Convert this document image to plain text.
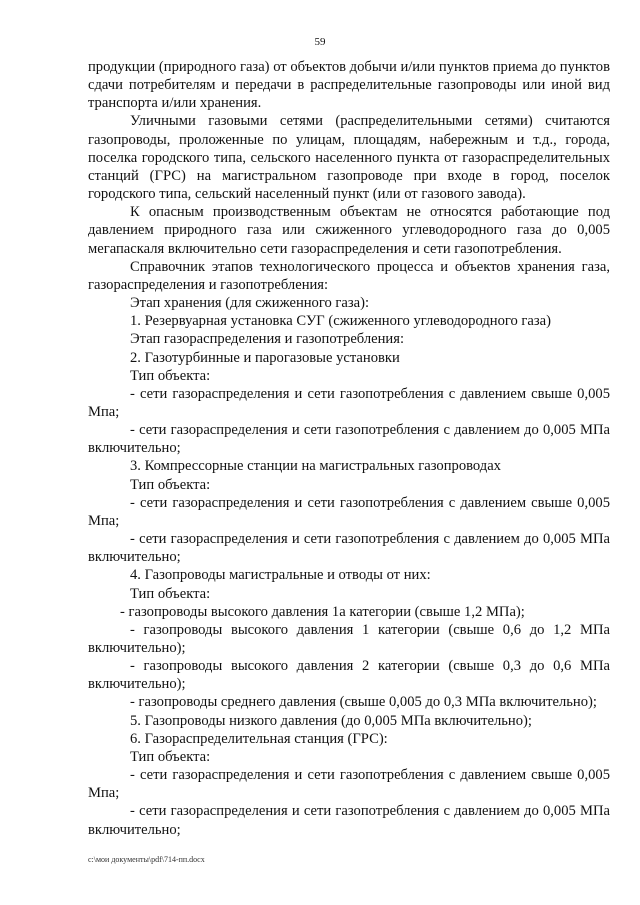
59

продукции (природного газа) от объектов добычи и/или пунктов приема до пунктов сдачи потребителям и передачи в распределительные газопроводы или иной вид транспорта и/или хранения.

Уличными газовыми сетями (распределительными сетями) считаются газопроводы, проложенные по улицам, площадям, набережным и т.д., города, поселка городского типа, сельского населенного пункта от газораспределительных станций (ГРС) на магистральном газопроводе при входе в город, поселок городского типа, сельский населенный пункт (или от газового завода).

К опасным производственным объектам не относятся работающие под давлением природного газа или сжиженного углеводородного газа до 0,005 мегапаскаля включительно сети газораспределения и сети газопотребления.

Справочник этапов технологического процесса и объектов хранения газа, газораспределения и газопотребления:

Этап хранения (для сжиженного газа):

1. Резервуарная установка СУГ (сжиженного углеводородного газа)

Этап газораспределения и газопотребления:

2. Газотурбинные и парогазовые установки

Тип объекта:

- сети газораспределения и сети газопотребления с давлением свыше 0,005 Мпа;

- сети газораспределения и сети газопотребления с давлением до 0,005 МПа включительно;

3. Компрессорные станции на магистральных газопроводах

Тип объекта:

- сети газораспределения и сети газопотребления с давлением свыше 0,005 Мпа;

- сети газораспределения и сети газопотребления с давлением до 0,005 МПа включительно;

4. Газопроводы магистральные и отводы от них:

Тип объекта:

- газопроводы высокого давления 1а категории (свыше 1,2 МПа);

- газопроводы высокого давления 1 категории (свыше 0,6 до 1,2 МПа включительно);

- газопроводы высокого давления 2 категории (свыше 0,3 до 0,6 МПа включительно);

- газопроводы среднего давления (свыше 0,005 до 0,3 МПа включительно);

5. Газопроводы низкого давления (до 0,005 МПа включительно);

6. Газораспределительная станция (ГРС):

Тип объекта:

- сети газораспределения и сети газопотребления с давлением свыше 0,005 Мпа;

- сети газораспределения и сети газопотребления с давлением до 0,005 МПа включительно;

c:\мои документы\pdf\714-пп.docx
